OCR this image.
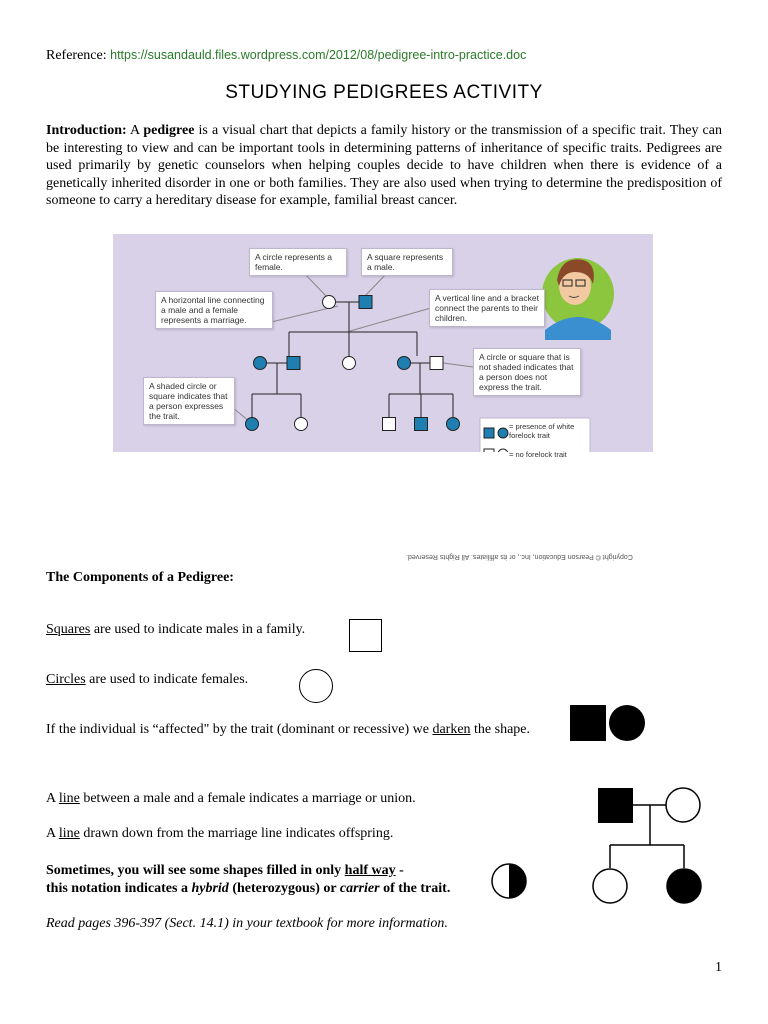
Reference: https://susandauld.files.wordpress.com/2012/08/pedigree-intro-practice.doc
STUDYING PEDIGREES ACTIVITY
Introduction: A pedigree is a visual chart that depicts a family history or the transmission of a specific trait. They can be interesting to view and can be important tools in determining patterns of inheritance of specific traits. Pedigrees are used primarily by genetic counselors when helping couples decide to have children when there is evidence of a genetically inherited disorder in one or both families. They are also used when trying to determine the predisposition of someone to carry a hereditary disease for example, familial breast cancer.
A circle represents a female.
A square represents a male.
A horizontal line connecting a male and a female represents a marriage.
A vertical line and a bracket connect the parents to their children.
A circle or square that is not shaded indicates that a person does not express the trait.
A shaded circle or square indicates that a person expresses the trait.
= presence of white forelock trait
= no forelock trait
Copyright © Pearson Education, Inc., or its affiliates. All Rights Reserved.
The Components of a Pedigree:
Squares are used to indicate males in a family.
Circles are used to indicate females.
If the individual is “affected" by the trait (dominant or recessive) we darken the shape.
A line between a male and a female indicates a marriage or union.
A line drawn down from the marriage line indicates offspring.
Sometimes, you will see some shapes filled in only half way -
this notation indicates a hybrid (heterozygous) or carrier of the trait.
Read pages 396-397 (Sect. 14.1) in your textbook for more information.
1
